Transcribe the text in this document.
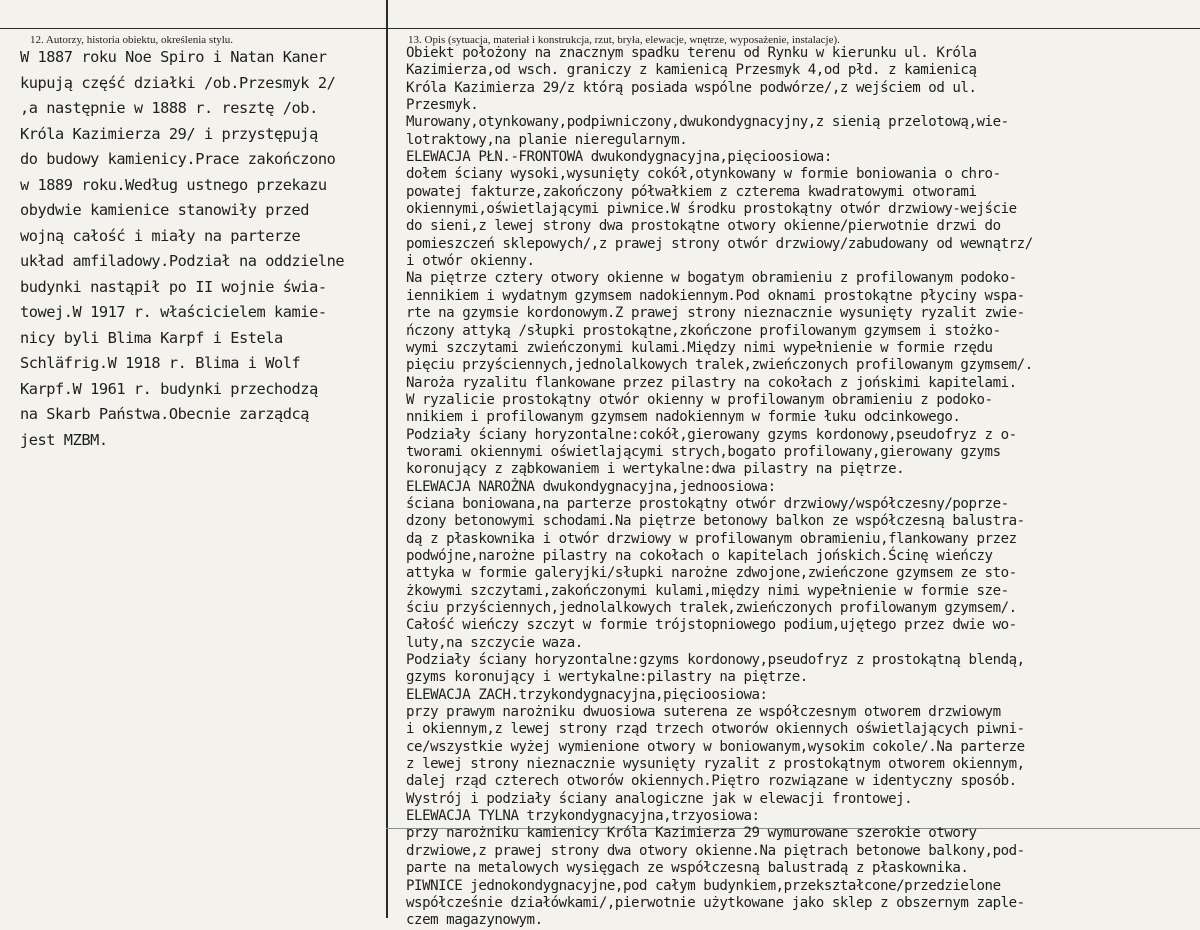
12. Autorzy, historia obiektu, określenia stylu.	13. Opis (sytuacja, materiał i konstrukcja, rzut, bryła, elewacje, wnętrze, wyposażenie, instalacje).
W 1887 roku Noe Spiro i Natan Kaner
kupują część działki /ob.Przesmyk 2/
,a następnie w 1888 r. resztę /ob.
Króla Kazimierza 29/ i przystępują
do budowy kamienicy.Prace zakończono
w 1889 roku.Według ustnego przekazu
obydwie kamienice stanowiły przed
wojną całość i miały na parterze
układ amfiladowy.Podział na oddzielne
budynki nastąpił po II wojnie świa-
towej.W 1917 r. właścicielem kamie-
nicy byli Blima Karpf i Estela
Schläfrig.W 1918 r. Blima i Wolf
Karpf.W 1961 r. budynki przechodzą
na Skarb Państwa.Obecnie zarządcą
jest MZBM.
Obiekt położony na znacznym spadku terenu od Rynku w kierunku ul. Króla
Kazimierza,od wsch. graniczy z kamienicą Przesmyk 4,od płd. z kamienicą
Króla Kazimierza 29/z którą posiada wspólne podwórze/,z wejściem od ul.
Przesmyk.
Murowany,otynkowany,podpiwniczony,dwukondygnacyjny,z sienią przelotową,wie-
lotraktowy,na planie nieregularnym.
ELEWACJA PŁN.-FRONTOWA dwukondygnacyjna,pięcioosiowa:
dołem ściany wysoki,wysunięty cokół,otynkowany w formie boniowania o chro-
powatej fakturze,zakończony półwałkiem z czterema kwadratowymi otworami
okiennymi,oświetlającymi piwnice.W środku prostokątny otwór drzwiowy-wejście
do sieni,z lewej strony dwa prostokątne otwory okienne/pierwotnie drzwi do
pomieszczeń sklepowych/,z prawej strony otwór drzwiowy/zabudowany od wewnątrz/
i otwór okienny.
Na piętrze cztery otwory okienne w bogatym obramieniu z profilowanym podoko-
iennikiem i wydatnym gzymsem nadokiennym.Pod oknami prostokątne płyciny wspa-
rte na gzymsie kordonowym.Z prawej strony nieznacznie wysunięty ryzalit zwie-
ńczony attyką /słupki prostokątne,zkończone profilowanym gzymsem i stożko-
wymi szczytami zwieńczonymi kulami.Między nimi wypełnienie w formie rzędu
pięciu przyściennych,jednolalkowych tralek,zwieńczonych profilowanym gzymsem/.
Naroża ryzalitu flankowane przez pilastry na cokołach z jońskimi kapitelami.
W ryzalicie prostokątny otwór okienny w profilowanym obramieniu z podoko-
nnikiem i profilowanym gzymsem nadokiennym w formie łuku odcinkowego.
Podziały ściany horyzontalne:cokół,gierowany gzyms kordonowy,pseudofryz z o-
tworami okiennymi oświetlającymi strych,bogato profilowany,gierowany gzyms
koronujący z ząbkowaniem i wertykalne:dwa pilastry na piętrze.
ELEWACJA NAROŻNA dwukondygnacyjna,jednoosiowa:
ściana boniowana,na parterze prostokątny otwór drzwiowy/współczesny/poprze-
dzony betonowymi schodami.Na piętrze betonowy balkon ze współczesną balustra-
dą z płaskownika i otwór drzwiowy w profilowanym obramieniu,flankowany przez
podwójne,narożne pilastry na cokołach o kapitelach jońskich.Ścinę wieńczy
attyka w formie galeryjki/słupki narożne zdwojone,zwieńczone gzymsem ze sto-
żkowymi szczytami,zakończonymi kulami,między nimi wypełnienie w formie sze-
ściu przyściennych,jednolalkowych tralek,zwieńczonych profilowanym gzymsem/.
Całość wieńczy szczyt w formie trójstopniowego podium,ujętego przez dwie wo-
luty,na szczycie waza.
Podziały ściany horyzontalne:gzyms kordonowy,pseudofryz z prostokątną blendą,
gzyms koronujący i wertykalne:pilastry na piętrze.
ELEWACJA ZACH.trzykondygnacyjna,pięcioosiowa:
przy prawym narożniku dwuosiowa suterena ze współczesnym otworem drzwiowym
i okiennym,z lewej strony rząd trzech otworów okiennych oświetlających piwni-
ce/wszystkie wyżej wymienione otwory w boniowanym,wysokim cokole/.Na parterze
z lewej strony nieznacznie wysunięty ryzalit z prostokątnym otworem okiennym,
dalej rząd czterech otworów okiennych.Piętro rozwiązane w identyczny sposób.
Wystrój i podziały ściany analogiczne jak w elewacji frontowej.
ELEWACJA TYLNA trzykondygnacyjna,trzyosiowa:
przy narożniku kamienicy Króla Kazimierza 29 wymurowane szerokie otwory
drzwiowe,z prawej strony dwa otwory okienne.Na piętrach betonowe balkony,pod-
parte na metalowych wysięgach ze współczesną balustradą z płaskownika.
PIWNICE jednokondygnacyjne,pod całym budynkiem,przekształcone/przedzielone
współcześnie działówkami/,pierwotnie użytkowane jako sklep z obszernym zaple-
czem magazynowym.
